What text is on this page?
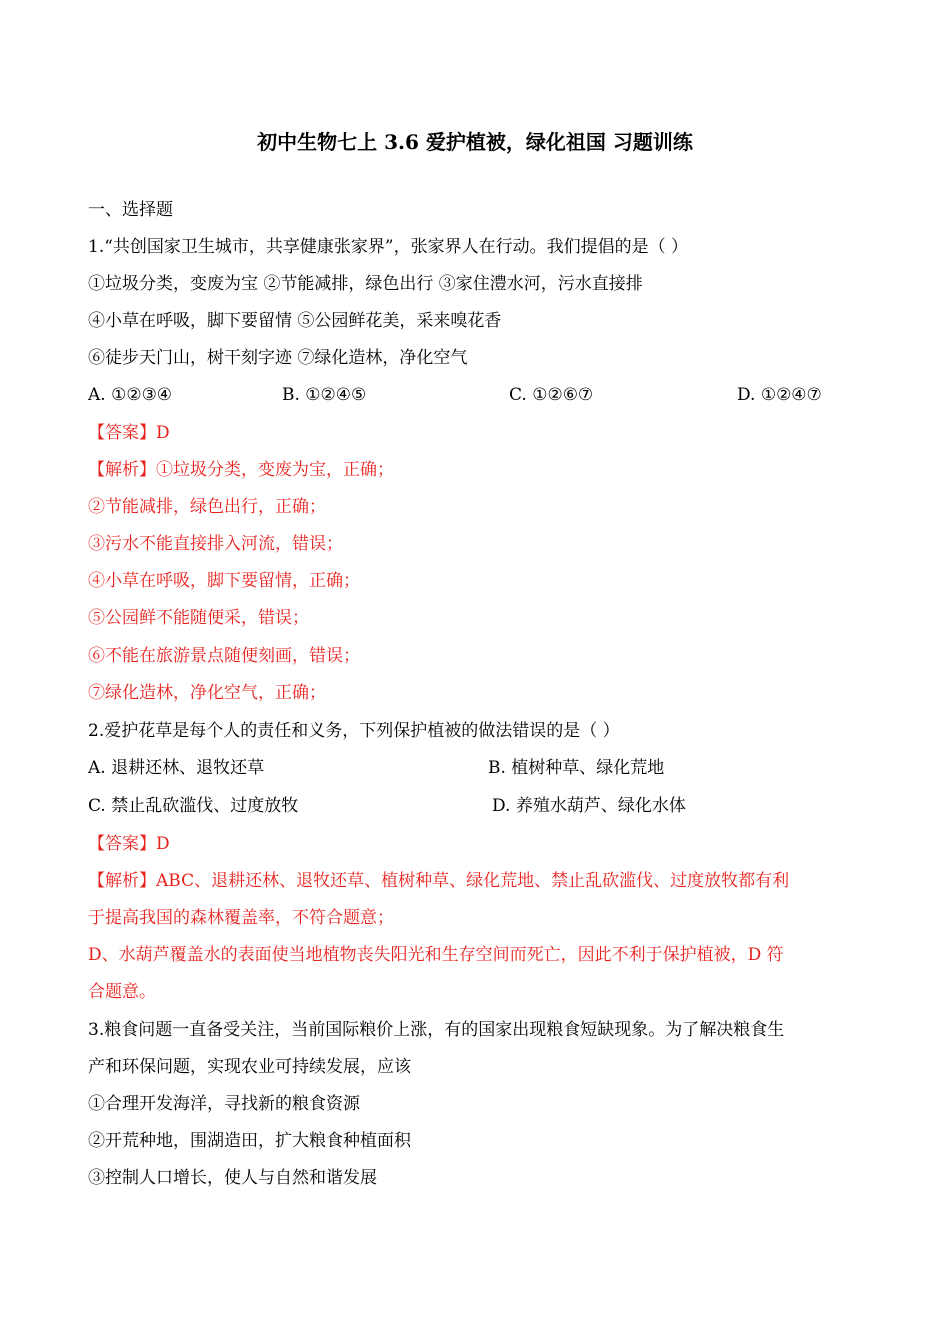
初中生物七上 3.6 爱护植被，绿化祖国 习题训练
一、选择题
1.“共创国家卫生城市，共享健康张家界”，张家界人在行动。我们提倡的是（ ）
①垃圾分类，变废为宝 ②节能减排，绿色出行 ③家住澧水河，污水直接排
④小草在呼吸，脚下要留情 ⑤公园鲜花美，采来嗅花香
⑥徒步天门山，树干刻字迹 ⑦绿化造林，净化空气
A. ①②③④	B. ①②④⑤	C. ①②⑥⑦	D. ①②④⑦
【答案】D
【解析】①垃圾分类，变废为宝，正确；
②节能减排，绿色出行，正确；
③污水不能直接排入河流，错误；
④小草在呼吸，脚下要留情，正确；
⑤公园鲜不能随便采，错误；
⑥不能在旅游景点随便刻画，错误；
⑦绿化造林，净化空气，正确；
2.爱护花草是每个人的责任和义务，下列保护植被的做法错误的是（ ）
A. 退耕还林、退牧还草	B. 植树种草、绿化荒地
C. 禁止乱砍滥伐、过度放牧	D. 养殖水葫芦、绿化水体
【答案】D
【解析】ABC、退耕还林、退牧还草、植树种草、绿化荒地、禁止乱砍滥伐、过度放牧都有利
于提高我国的森林覆盖率，不符合题意；
D、水葫芦覆盖水的表面使当地植物丧失阳光和生存空间而死亡，因此不利于保护植被，D 符
合题意。
3.粮食问题一直备受关注，当前国际粮价上涨，有的国家出现粮食短缺现象。为了解决粮食生
产和环保问题，实现农业可持续发展，应该
①合理开发海洋，寻找新的粮食资源
②开荒种地，围湖造田，扩大粮食种植面积
③控制人口增长，使人与自然和谐发展
